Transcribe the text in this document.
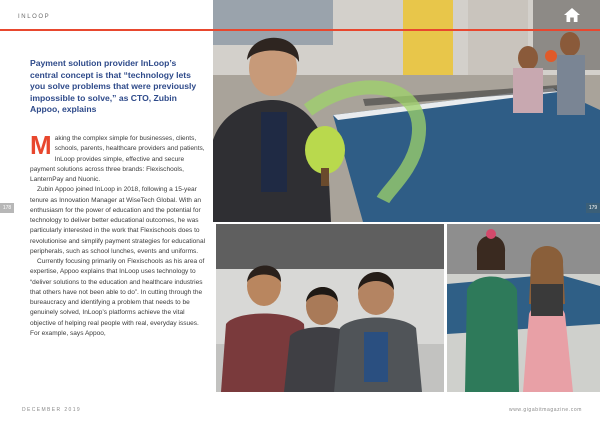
INLOOP
Payment solution provider InLoop’s central concept is that “technology lets you solve problems that were previously impossible to solve,” as CTO, Zubin Appoo, explains

Making the complex simple for businesses, clients, schools, parents, healthcare providers and patients, InLoop provides simple, effective and secure payment solutions across three brands: Flexischools, LanternPay and Nuonic.

Zubin Appoo joined InLoop in 2018, following a 15-year tenure as Innovation Manager at WiseTech Global. With an enthusiasm for the power of education and the potential for technology to deliver better educational outcomes, he was particularly interested in the work that Flexischools does to revolutionise and simplify payment strategies for educational peripherals, such as school lunches, events and uniforms.

Currently focusing primarily on Flexischools as his area of expertise, Appoo explains that InLoop uses technology to “deliver solutions to the education and healthcare industries that others have not been able to do”. In cutting through the bureaucracy and identifying a problem that needs to be genuinely solved, InLoop’s platforms achieve the vital objective of helping real people with real, everyday issues. For example, says Appoo,

178	179
DECEMBER 2019	www.gigabitmagazine.com
